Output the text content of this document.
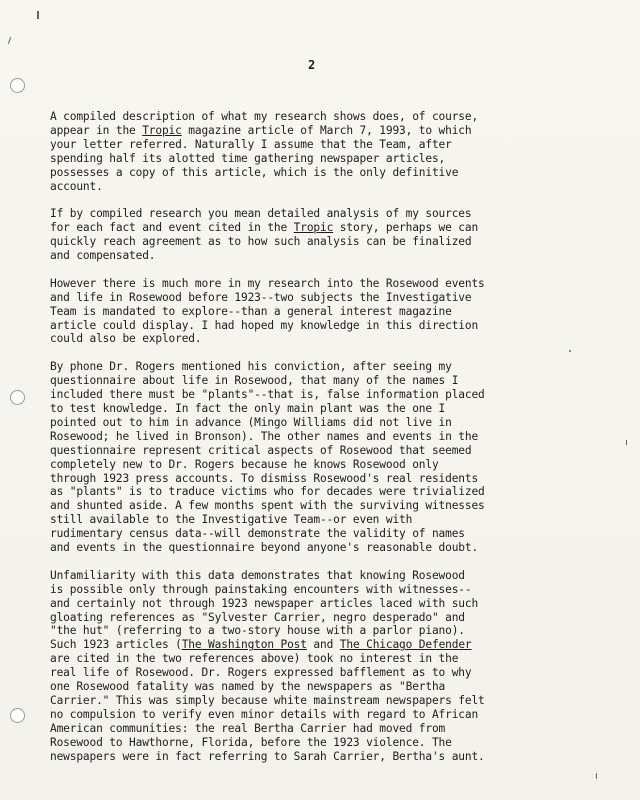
2
A compiled description of what my research shows does, of course,
appear in the Tropic magazine article of March 7, 1993, to which
your letter referred. Naturally I assume that the Team, after
spending half its alotted time gathering newspaper articles,
possesses a copy of this article, which is the only definitive
account.
If by compiled research you mean detailed analysis of my sources
for each fact and event cited in the Tropic story, perhaps we can
quickly reach agreement as to how such analysis can be finalized
and compensated.
However there is much more in my research into the Rosewood events
and life in Rosewood before 1923--two subjects the Investigative
Team is mandated to explore--than a general interest magazine
article could display. I had hoped my knowledge in this direction
could also be explored.
By phone Dr. Rogers mentioned his conviction, after seeing my
questionnaire about life in Rosewood, that many of the names I
included there must be "plants"--that is, false information placed
to test knowledge. In fact the only main plant was the one I
pointed out to him in advance (Mingo Williams did not live in
Rosewood; he lived in Bronson). The other names and events in the
questionnaire represent critical aspects of Rosewood that seemed
completely new to Dr. Rogers because he knows Rosewood only
through 1923 press accounts. To dismiss Rosewood's real residents
as "plants" is to traduce victims who for decades were trivialized
and shunted aside. A few months spent with the surviving witnesses
still available to the Investigative Team--or even with
rudimentary census data--will demonstrate the validity of names
and events in the questionnaire beyond anyone's reasonable doubt.
Unfamiliarity with this data demonstrates that knowing Rosewood
is possible only through painstaking encounters with witnesses--
and certainly not through 1923 newspaper articles laced with such
gloating references as "Sylvester Carrier, negro desperado" and
"the hut" (referring to a two-story house with a parlor piano).
Such 1923 articles (The Washington Post and The Chicago Defender
are cited in the two references above) took no interest in the
real life of Rosewood. Dr. Rogers expressed bafflement as to why
one Rosewood fatality was named by the newspapers as "Bertha
Carrier." This was simply because white mainstream newspapers felt
no compulsion to verify even minor details with regard to African
American communities: the real Bertha Carrier had moved from
Rosewood to Hawthorne, Florida, before the 1923 violence. The
newspapers were in fact referring to Sarah Carrier, Bertha's aunt.
